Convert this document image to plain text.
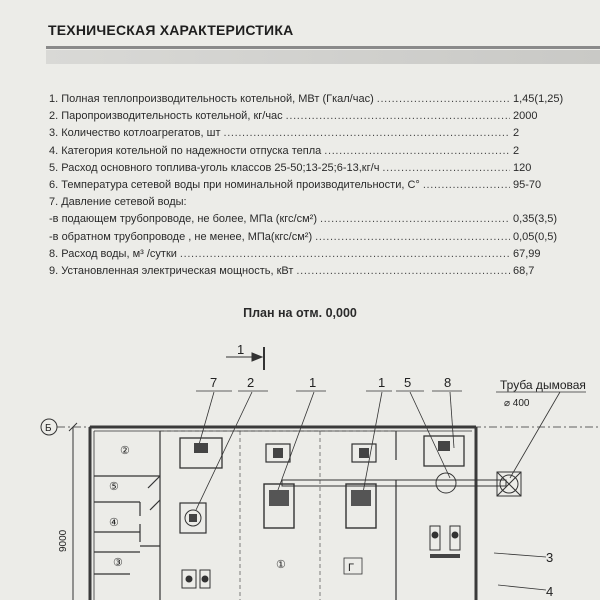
ТЕХНИЧЕСКАЯ ХАРАКТЕРИСТИКА
1. Полная теплопроизводительность котельной, МВт (Гкал/час) . . .	1,45(1,25)
2. Паропроизводительность котельной, кг/час . . .	2000
3. Количество котлоагрегатов, шт . . .	2
4. Категория котельной по надежности отпуска тепла . . .	2
5. Расход основного топлива-уголь классов 25-50;13-25;6-13,кг/ч . . .	120
6. Температура сетевой воды при номинальной производительности, С° . . .	95-70
7. Давление сетевой воды:
-в подающем трубопроводе, не более, МПа (кгс/см²) . . .	0,35(3,5)
-в обратном трубопроводе , не менее, МПа(кгс/см²) . . .	0,05(0,5)
8. Расход воды, м³ /сутки . . .	67,99
9. Установленная электрическая мощность, кВт . . .	68,7
План на отм. 0,000
1
7 2	1	1 5	8	Труба дымовая
⌀ 400
Б
9000
②
⑤
④
③	①	Г
3
4
